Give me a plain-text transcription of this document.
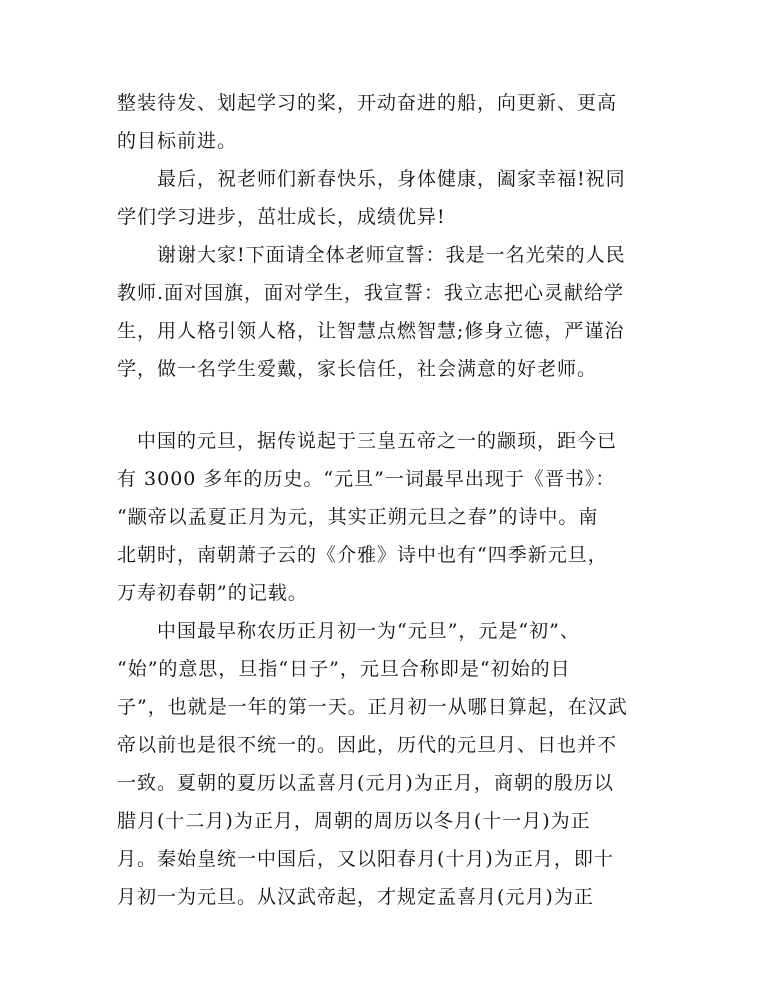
整装待发、划起学习的桨，开动奋进的船，向更新、更高
的目标前进。
　　最后，祝老师们新春快乐，身体健康，阖家幸福!祝同
学们学习进步，茁壮成长，成绩优异!
　　谢谢大家!下面请全体老师宣誓：我是一名光荣的人民
教师.面对国旗，面对学生，我宣誓：我立志把心灵献给学
生，用人格引领人格，让智慧点燃智慧;修身立德，严谨治
学，做一名学生爱戴，家长信任，社会满意的好老师。
　中国的元旦，据传说起于三皇五帝之一的颛顼，距今已
有 3000 多年的历史。“元旦”一词最早出现于《晋书》：
“颛帝以孟夏正月为元，其实正朔元旦之春”的诗中。南
北朝时，南朝萧子云的《介雅》诗中也有“四季新元旦，
万寿初春朝”的记载。
　　中国最早称农历正月初一为“元旦”，元是“初”、
“始”的意思，旦指“日子”，元旦合称即是“初始的日
子”，也就是一年的第一天。正月初一从哪日算起，在汉武
帝以前也是很不统一的。因此，历代的元旦月、日也并不
一致。夏朝的夏历以孟喜月(元月)为正月，商朝的殷历以
腊月(十二月)为正月，周朝的周历以冬月(十一月)为正
月。秦始皇统一中国后，又以阳春月(十月)为正月，即十
月初一为元旦。从汉武帝起，才规定孟喜月(元月)为正
